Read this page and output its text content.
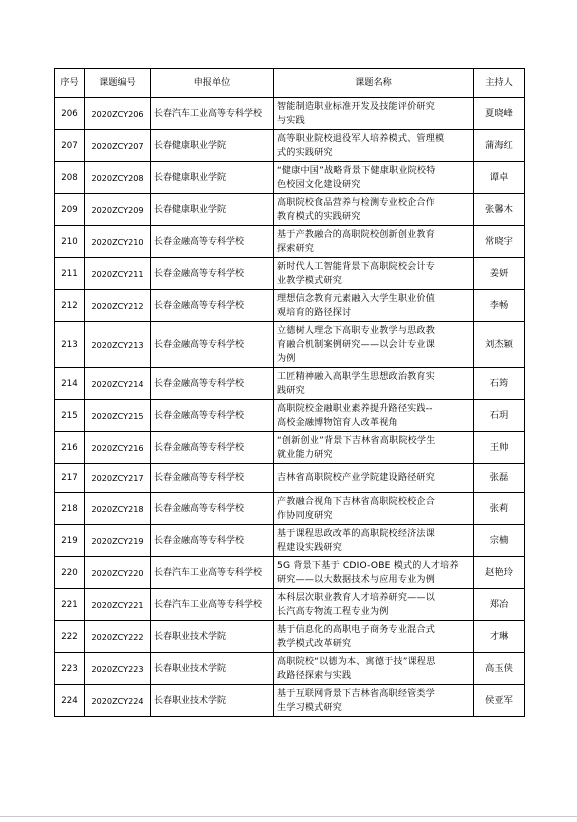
序号	课题编号	申报单位	课题名称	主持人
206	2020ZCY206	长春汽车工业高等专科学校	智能制造职业标准开发及技能评价研究
与实践	夏晓峰
207	2020ZCY207	长春健康职业学院	高等职业院校退役军人培养模式、管理模
式的实践研究	蒲海红
208	2020ZCY208	长春健康职业学院	“健康中国”战略背景下健康职业院校特
色校园文化建设研究	谭卓
209	2020ZCY209	长春健康职业学院	高职院校食品营养与检测专业校企合作
教育模式的实践研究	张馨木
210	2020ZCY210	长春金融高等专科学校	基于产教融合的高职院校创新创业教育
探索研究	常晓宇
211	2020ZCY211	长春金融高等专科学校	新时代人工智能背景下高职院校会计专
业教学模式研究	姜妍
212	2020ZCY212	长春金融高等专科学校	理想信念教育元素融入大学生职业价值
观培育的路径探讨	李畅
213	2020ZCY213	长春金融高等专科学校	立德树人理念下高职专业教学与思政教
育融合机制案例研究——以会计专业课
为例	刘杰颖
214	2020ZCY214	长春金融高等专科学校	工匠精神融入高职学生思想政治教育实
践研究	石筠
215	2020ZCY215	长春金融高等专科学校	高职院校金融职业素养提升路径实践--
高校金融博物馆育人改革视角	石玥
216	2020ZCY216	长春金融高等专科学校	“创新创业”背景下吉林省高职院校学生
就业能力研究	王帅
217	2020ZCY217	长春金融高等专科学校	吉林省高职院校产业学院建设路径研究	张磊
218	2020ZCY218	长春金融高等专科学校	产教融合视角下吉林省高职院校校企合
作协同度研究	张莉
219	2020ZCY219	长春金融高等专科学校	基于课程思政改革的高职院校经济法课
程建设实践研究	宗楠
220	2020ZCY220	长春汽车工业高等专科学校	5G 背景下基于 CDIO-OBE 模式的人才培养
研究——以大数据技术与应用专业为例	赵艳玲
221	2020ZCY221	长春汽车工业高等专科学校	本科层次职业教育人才培养研究——以
长汽高专物流工程专业为例	郑冶
222	2020ZCY222	长春职业技术学院	基于信息化的高职电子商务专业混合式
教学模式改革研究	才琳
223	2020ZCY223	长春职业技术学院	高职院校“以德为本、寓德于技”课程思
政路径探索与实践	高玉侠
224	2020ZCY224	长春职业技术学院	基于互联网背景下吉林省高职经管类学
生学习模式研究	侯亚军
